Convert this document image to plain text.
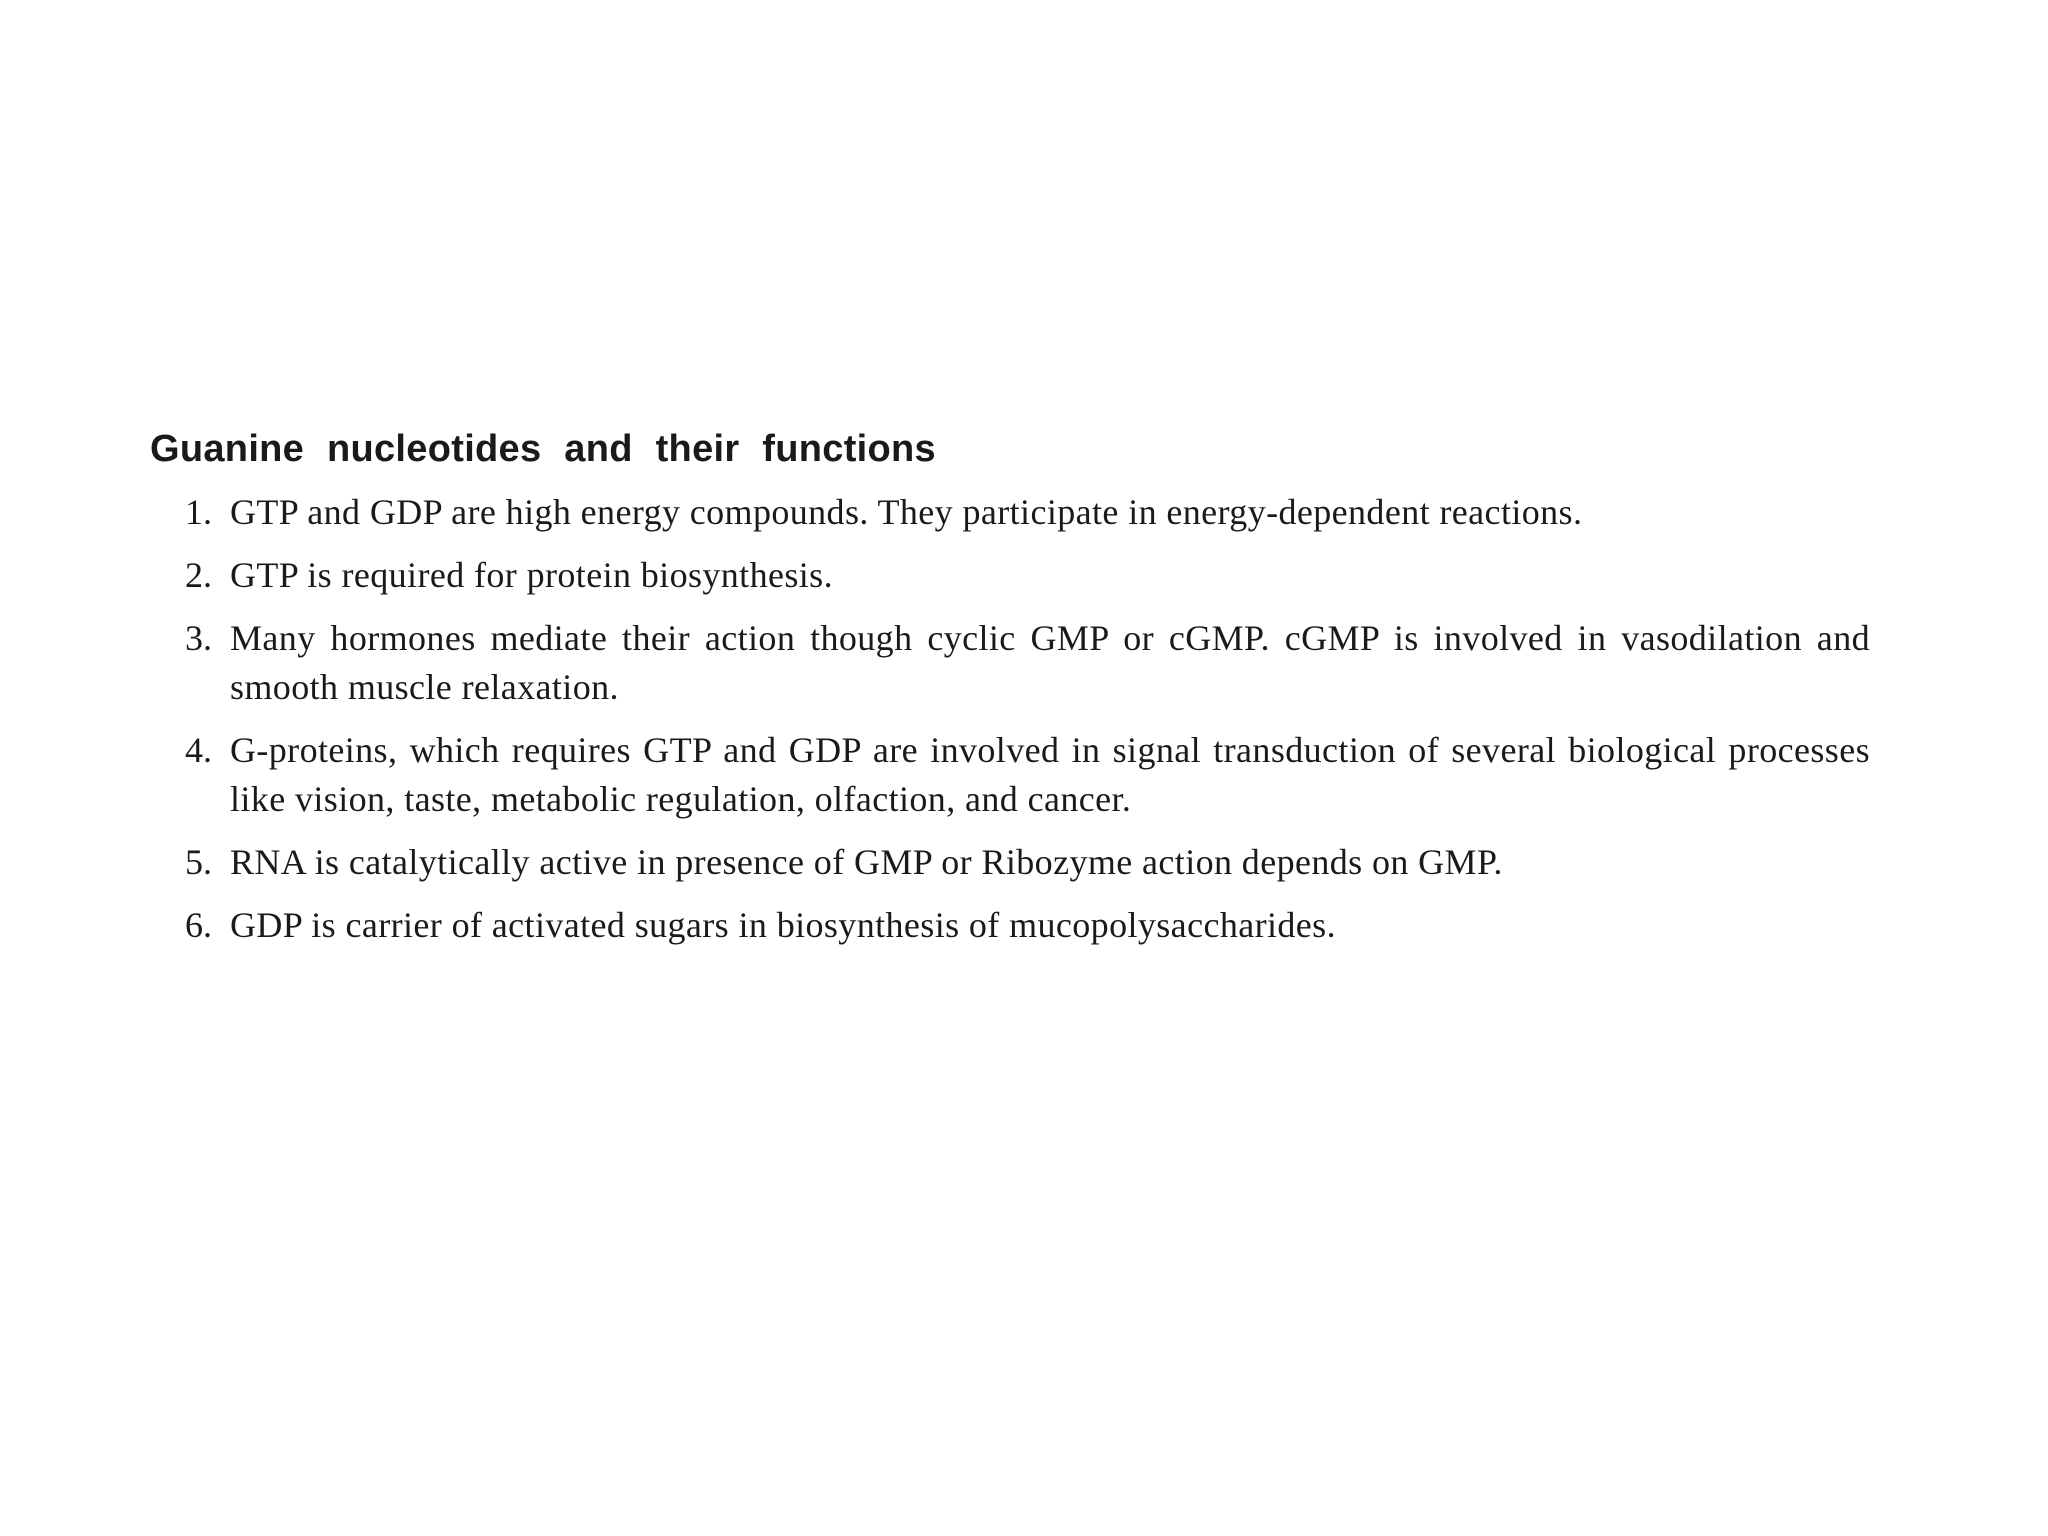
Guanine nucleotides and their functions
1. GTP and GDP are high energy compounds. They participate in energy-dependent reactions.
2. GTP is required for protein biosynthesis.
3. Many hormones mediate their action though cyclic GMP or cGMP. cGMP is involved in vasodilation and smooth muscle relaxation.
4. G-proteins, which requires GTP and GDP are involved in signal transduction of several biological processes like vision, taste, metabolic regulation, olfaction, and cancer.
5. RNA is catalytically active in presence of GMP or Ribozyme action depends on GMP.
6. GDP is carrier of activated sugars in biosynthesis of mucopolysaccharides.
